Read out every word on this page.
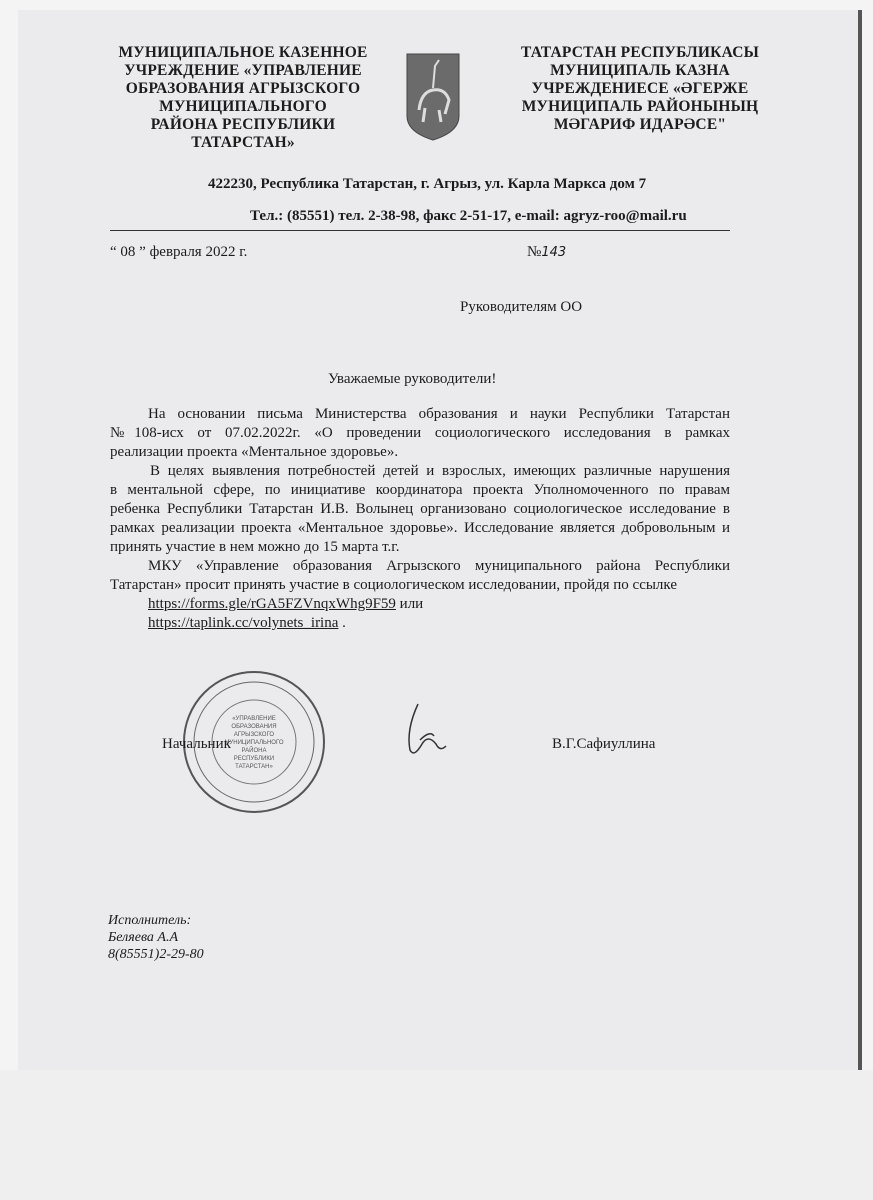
МУНИЦИПАЛЬНОЕ КАЗЕННОЕ
УЧРЕЖДЕНИЕ «УПРАВЛЕНИЕ
ОБРАЗОВАНИЯ АГРЫЗСКОГО
МУНИЦИПАЛЬНОГО
РАЙОНА РЕСПУБЛИКИ
ТАТАРСТАН»
ТАТАРСТАН РЕСПУБЛИКАСЫ
МУНИЦИПАЛЬ КАЗНА
УЧРЕЖДЕНИЕСЕ «ӘГЕРЖЕ
МУНИЦИПАЛЬ РАЙОНЫНЫҢ
МӘГАРИФ ИДАРӘСЕ"
422230, Республика Татарстан, г. Агрыз, ул. Карла Маркса дом 7
Тел.: (85551) тел. 2-38-98, факс 2-51-17, e-mail: agryz-roo@mail.ru
“ 08 ” февраля 2022 г.	№143
Руководителям ОО
Уважаемые руководители!
На основании письма Министерства образования и науки Республики Татарстан
№108-исх от 07.02.2022г. «О проведении социологического исследования в рамках
реализации проекта «Ментальное здоровье».
В целях выявления потребностей детей и взрослых, имеющих различные нарушения
в ментальной сфере, по инициативе координатора проекта Уполномоченного по правам
ребенка Республики Татарстан И.В. Волынец организовано социологическое исследование в
рамках реализации проекта «Ментальное здоровье». Исследование является добровольным и
принять участие в нем можно до 15 марта т.г.
МКУ «Управление образования Агрызского муниципального района Республики
Татарстан» просит принять участие в социологическом исследовании, пройдя по ссылке
https://forms.gle/rGA5FZVnqxWhg9F59 или
https://taplink.cc/volynets_irina .
«УПРАВЛЕНИЕ
ОБРАЗОВАНИЯ
АГРЫЗСКОГО
МУНИЦИПАЛЬНОГО
РАЙОНА
РЕСПУБЛИКИ
ТАТАРСТАН»
Начальник	В.Г.Сафиуллина
Исполнитель:
Беляева А.А
8(85551)2-29-80
